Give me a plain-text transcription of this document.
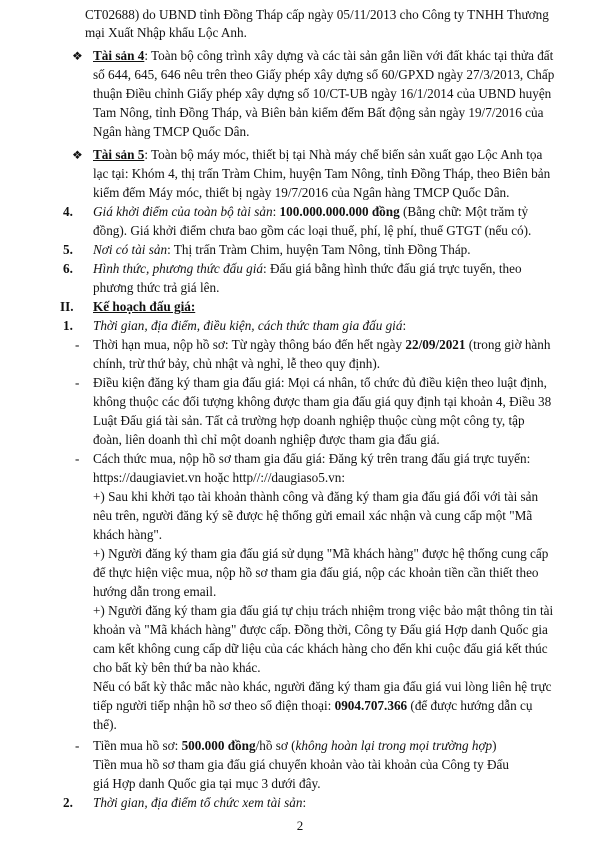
CT02688) do UBND tỉnh Đồng Tháp cấp ngày 05/11/2013 cho Công ty TNHH Thương
mại Xuất Nhập khẩu Lộc Anh.
❖ Tài sản 4: Toàn bộ công trình xây dựng và các tài sản gắn liền với đất khác tại thửa đất
số 644, 645, 646 nêu trên theo Giấy phép xây dựng số 60/GPXD ngày 27/3/2013, Chấp
thuận Điều chỉnh Giấy phép xây dựng số 10/CT-UB ngày 16/1/2014 của UBND huyện
Tam Nông, tỉnh Đồng Tháp, và Biên bản kiểm đếm Bất động sản ngày 19/7/2016 của
Ngân hàng TMCP Quốc Dân.
❖ Tài sản 5: Toàn bộ máy móc, thiết bị tại Nhà máy chế biến sản xuất gạo Lộc Anh tọa
lạc tại: Khóm 4, thị trấn Tràm Chim, huyện Tam Nông, tỉnh Đồng Tháp, theo Biên bản
kiểm đếm Máy móc, thiết bị ngày 19/7/2016 của Ngân hàng TMCP Quốc Dân.
4. Giá khởi điểm của toàn bộ tài sản: 100.000.000.000 đồng (Bằng chữ: Một trăm tỷ
đồng). Giá khởi điểm chưa bao gồm các loại thuế, phí, lệ phí, thuế GTGT (nếu có).
5. Nơi có tài sản: Thị trấn Tràm Chim, huyện Tam Nông, tỉnh Đồng Tháp.
6. Hình thức, phương thức đấu giá: Đấu giá bằng hình thức đấu giá trực tuyến, theo
phương thức trả giá lên.
II. Kế hoạch đấu giá:
1. Thời gian, địa điểm, điều kiện, cách thức tham gia đấu giá:
- Thời hạn mua, nộp hồ sơ: Từ ngày thông báo đến hết ngày 22/09/2021 (trong giờ hành
chính, trừ thứ bảy, chủ nhật và nghỉ, lễ theo quy định).
- Điều kiện đăng ký tham gia đấu giá: Mọi cá nhân, tổ chức đủ điều kiện theo luật định,
không thuộc các đối tượng không được tham gia đấu giá quy định tại khoản 4, Điều 38
Luật Đấu giá tài sản. Tất cả trường hợp doanh nghiệp thuộc cùng một công ty, tập
đoàn, liên doanh thì chỉ một doanh nghiệp được tham gia đấu giá.
- Cách thức mua, nộp hồ sơ tham gia đấu giá: Đăng ký trên trang đấu giá trực tuyến:
https://daugiaviet.vn hoặc http//://daugiaso5.vn:
+) Sau khi khởi tạo tài khoản thành công và đăng ký tham gia đấu giá đối với tài sản
nêu trên, người đăng ký sẽ được hệ thống gửi email xác nhận và cung cấp một "Mã
khách hàng".
+) Người đăng ký tham gia đấu giá sử dụng "Mã khách hàng" được hệ thống cung cấp
để thực hiện việc mua, nộp hồ sơ tham gia đấu giá, nộp các khoản tiền cần thiết theo
hướng dẫn trong email.
+) Người đăng ký tham gia đấu giá tự chịu trách nhiệm trong việc bảo mật thông tin tài
khoản và "Mã khách hàng" được cấp. Đồng thời, Công ty Đấu giá Hợp danh Quốc gia
cam kết không cung cấp dữ liệu của các khách hàng cho đến khi cuộc đấu giá kết thúc
cho bất kỳ bên thứ ba nào khác.
Nếu có bất kỳ thắc mắc nào khác, người đăng ký tham gia đấu giá vui lòng liên hệ trực
tiếp người tiếp nhận hồ sơ theo số điện thoại: 0904.707.366 (để được hướng dẫn cụ
thể).
- Tiền mua hồ sơ: 500.000 đồng/hồ sơ (không hoàn lại trong mọi trường hợp)
Tiền mua hồ sơ tham gia đấu giá chuyển khoản vào tài khoản của Công ty Đấu
giá Hợp danh Quốc gia tại mục 3 dưới đây.
2. Thời gian, địa điểm tổ chức xem tài sản:
2
